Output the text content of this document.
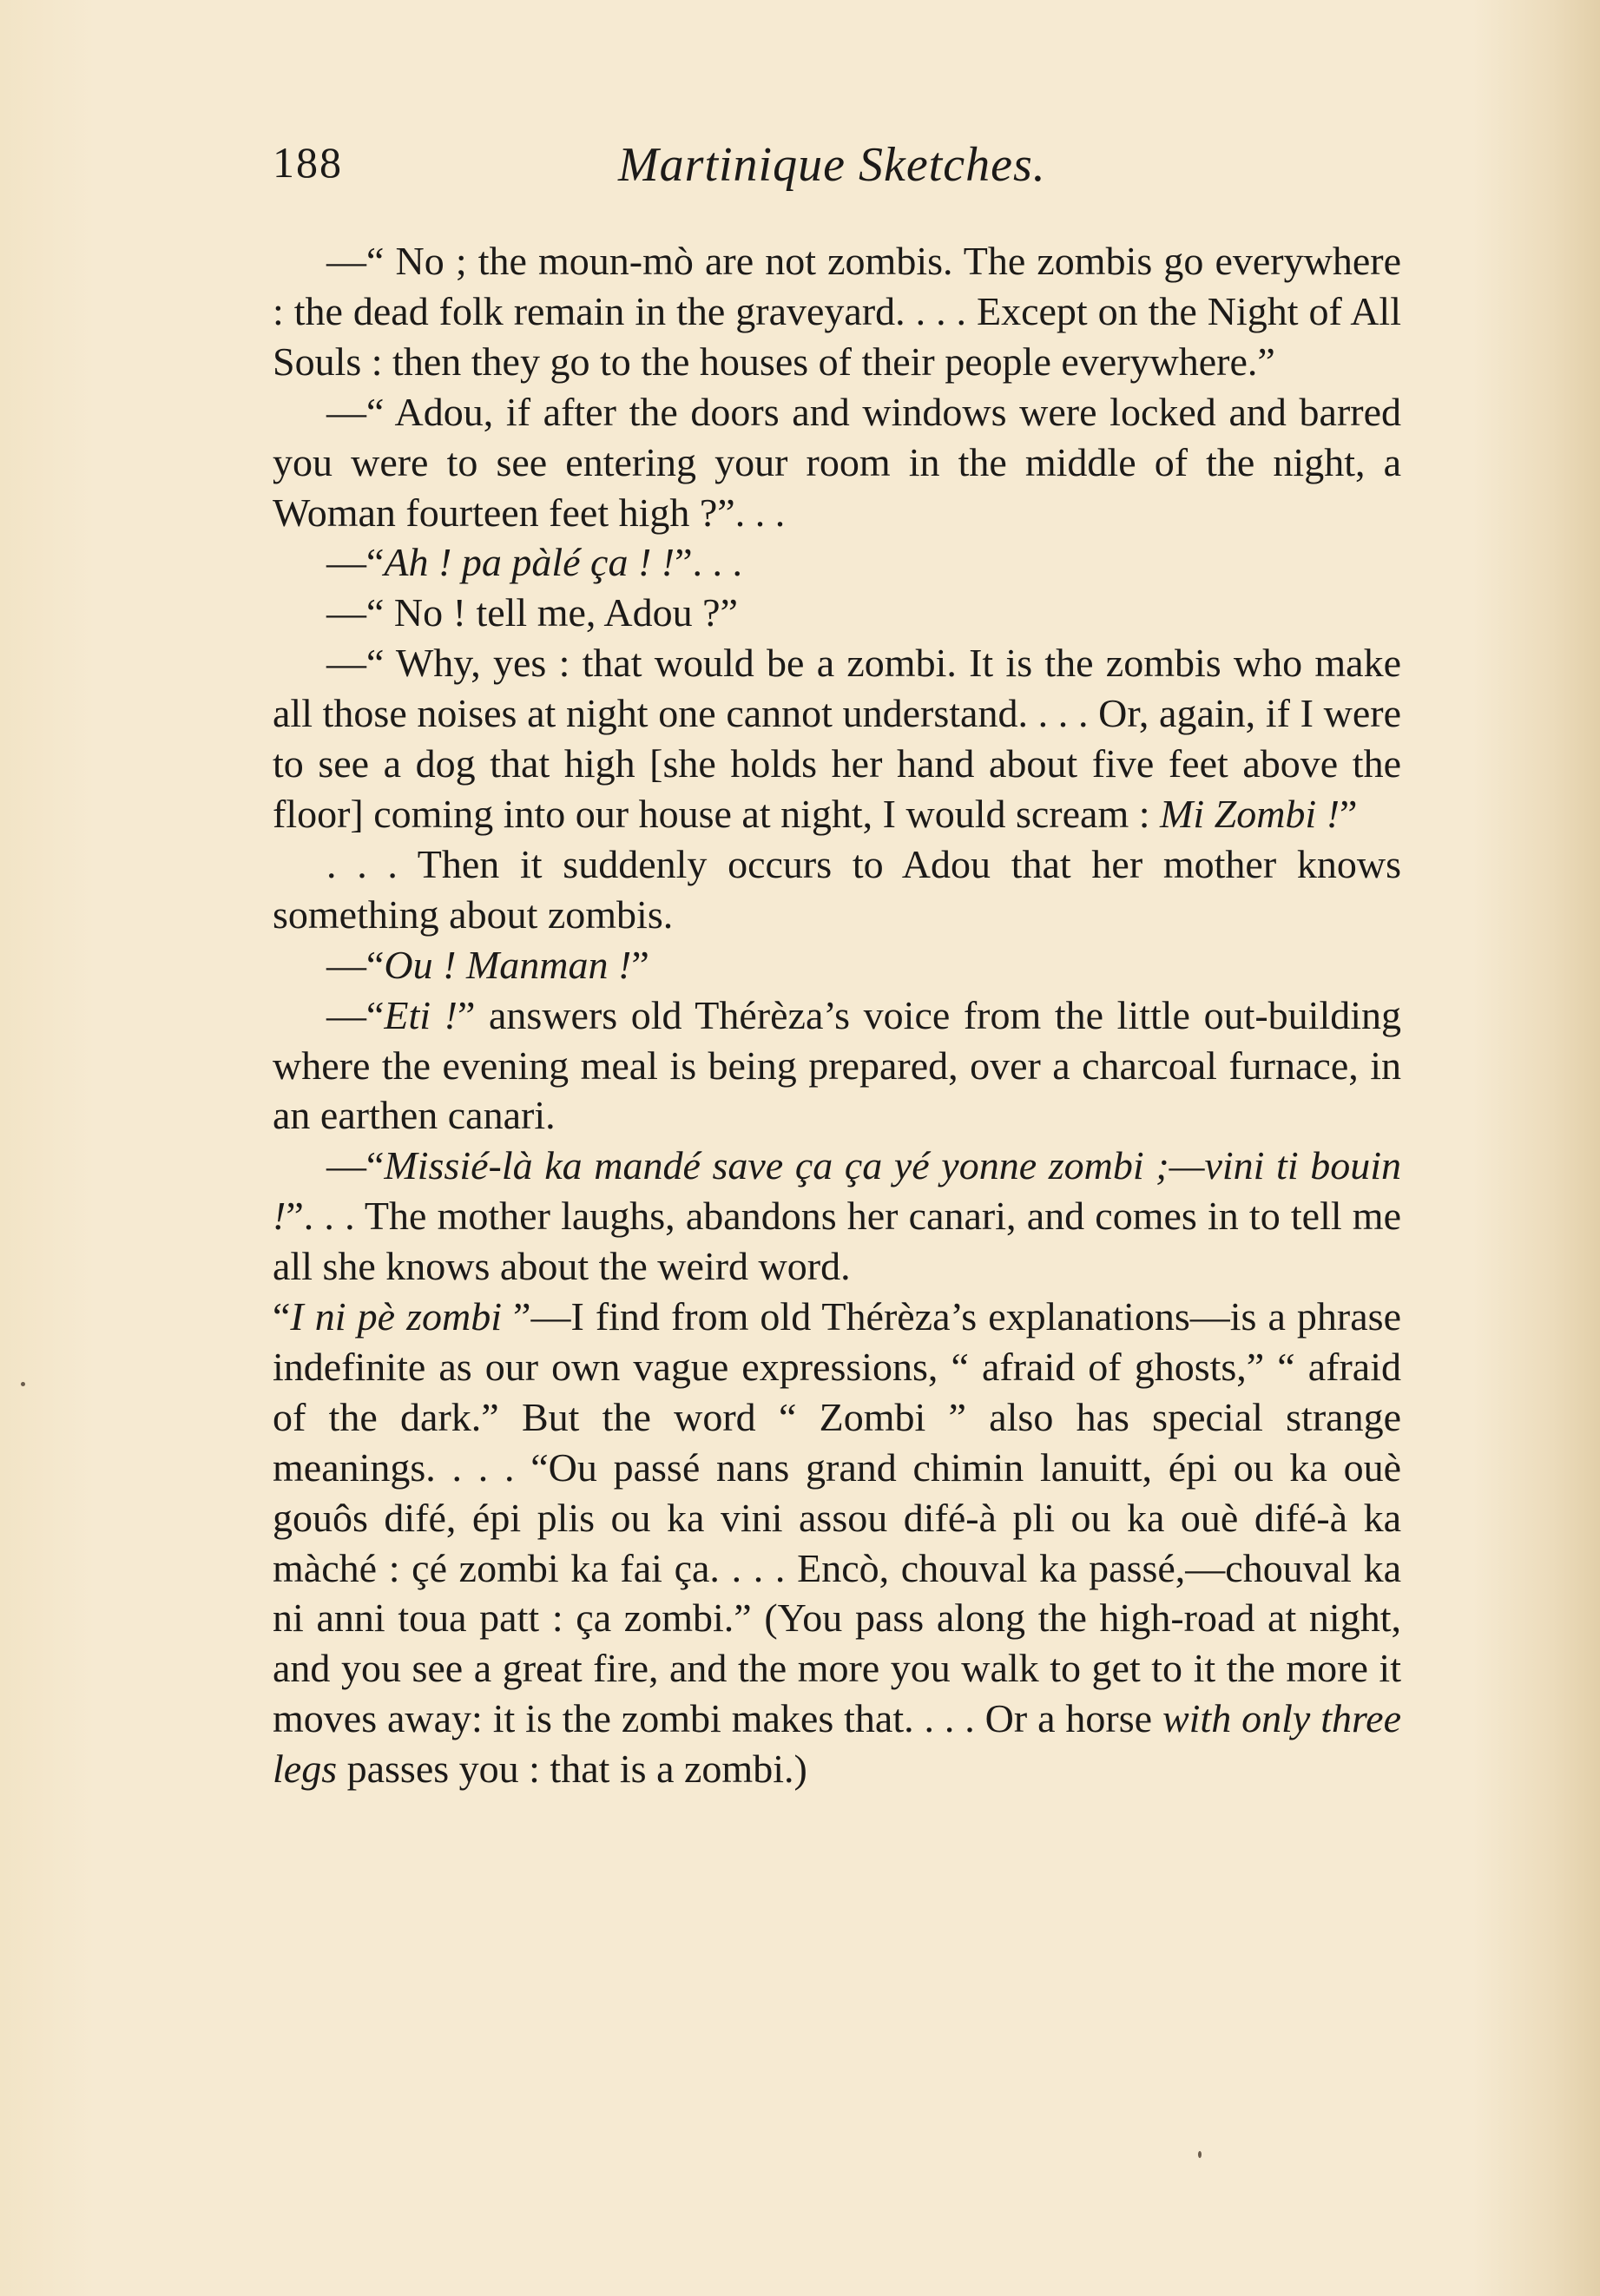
188	Martinique Sketches.

—“ No ; the moun-mò are not zombis. The zombis go everywhere : the dead folk remain in the graveyard. . . . Except on the Night of All Souls : then they go to the houses of their people everywhere.”

—“ Adou, if after the doors and windows were locked and barred you were to see entering your room in the middle of the night, a Woman fourteen feet high ?”. . .

—“Ah ! pa pàlé ça ! !”. . .

—“ No ! tell me, Adou ?”

—“ Why, yes : that would be a zombi. It is the zombis who make all those noises at night one cannot understand. . . . Or, again, if I were to see a dog that high [she holds her hand about five feet above the floor] coming into our house at night, I would scream : Mi Zombi !”

. . . Then it suddenly occurs to Adou that her mother knows something about zombis.

—“Ou ! Manman !”

—“Eti !” answers old Thérèza’s voice from the little out-building where the evening meal is being prepared, over a charcoal furnace, in an earthen canari.

—“Missié-là ka mandé save ça ça yé yonne zombi ;—vini ti bouin !”. . . The mother laughs, abandons her canari, and comes in to tell me all she knows about the weird word.

“I ni pè zombi ”—I find from old Thérèza’s explanations—is a phrase indefinite as our own vague expressions, “ afraid of ghosts,” “ afraid of the dark.” But the word “ Zombi ” also has special strange meanings. . . . “Ou passé nans grand chimin lanuitt, épi ou ka ouè gouôs difé, épi plis ou ka vini assou difé-à pli ou ka ouè difé-à ka màché : çé zombi ka fai ça. . . . Encò, chouval ka passé,—chouval ka ni anni toua patt : ça zombi.” (You pass along the high-road at night, and you see a great fire, and the more you walk to get to it the more it moves away: it is the zombi makes that. . . . Or a horse with only three legs passes you : that is a zombi.)
